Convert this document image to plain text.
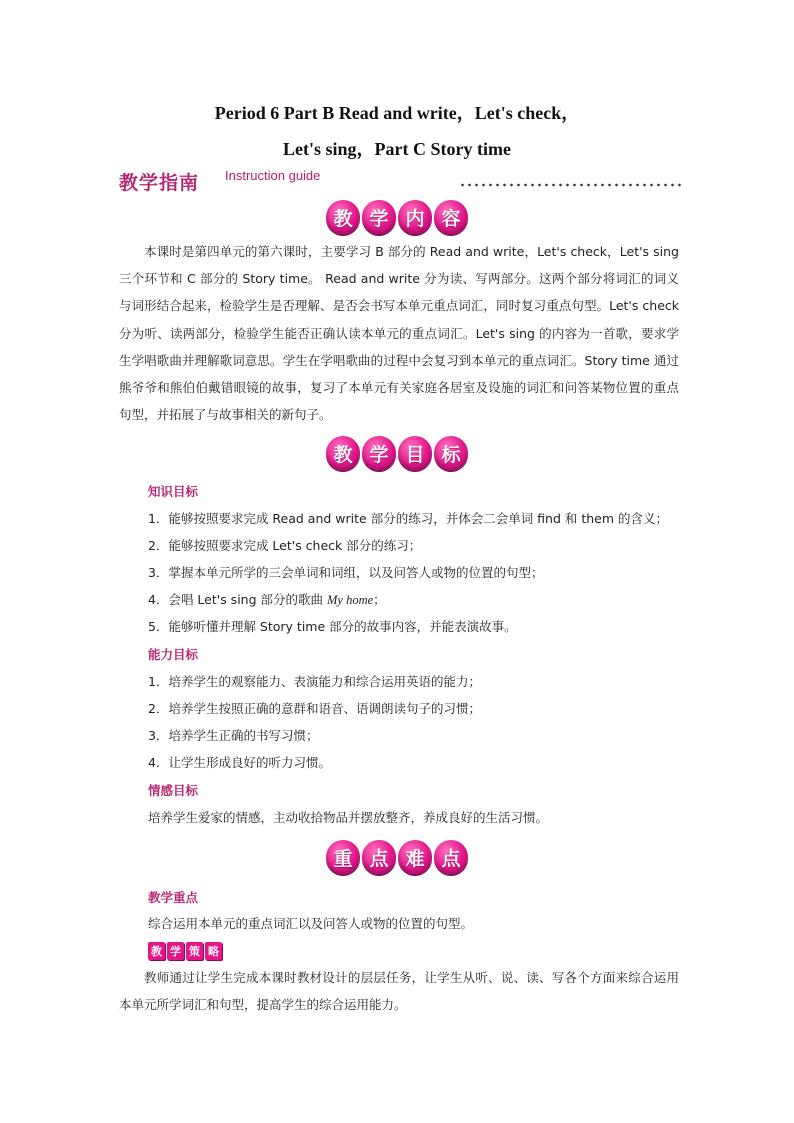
Period 6 Part B Read and write，Let's check，
Let's sing，Part C Story time
教学指南 Instruction guide
教 学 内 容
本课时是第四单元的第六课时，主要学习 B 部分的 Read and write，Let's check，Let's sing 三个环节和 C 部分的 Story time。 Read and write 分为读、写两部分。这两个部分将词汇的词义与词形结合起来，检验学生是否理解、是否会书写本单元重点词汇，同时复习重点句型。Let's check 分为听、读两部分，检验学生能否正确认读本单元的重点词汇。Let's sing 的内容为一首歌，要求学生学唱歌曲并理解歌词意思。学生在学唱歌曲的过程中会复习到本单元的重点词汇。Story time 通过熊爷爷和熊伯伯戴错眼镜的故事，复习了本单元有关家庭各居室及设施的词汇和问答某物位置的重点句型，并拓展了与故事相关的新句子。
教 学 目 标
知识目标
1．能够按照要求完成 Read and write 部分的练习，并体会二会单词 find 和 them 的含义；
2．能够按照要求完成 Let's check 部分的练习；
3．掌握本单元所学的三会单词和词组，以及问答人或物的位置的句型；
4．会唱 Let's sing 部分的歌曲 My home；
5．能够听懂并理解 Story time 部分的故事内容，并能表演故事。
能力目标
1．培养学生的观察能力、表演能力和综合运用英语的能力；
2．培养学生按照正确的意群和语音、语调朗读句子的习惯；
3．培养学生正确的书写习惯；
4．让学生形成良好的听力习惯。
情感目标
培养学生爱家的情感，主动收拾物品并摆放整齐，养成良好的生活习惯。
重 点 难 点
教学重点
综合运用本单元的重点词汇以及问答人或物的位置的句型。
教 学 策 略
教师通过让学生完成本课时教材设计的层层任务，让学生从听、说、读、写各个方面来综合运用本单元所学词汇和句型，提高学生的综合运用能力。
